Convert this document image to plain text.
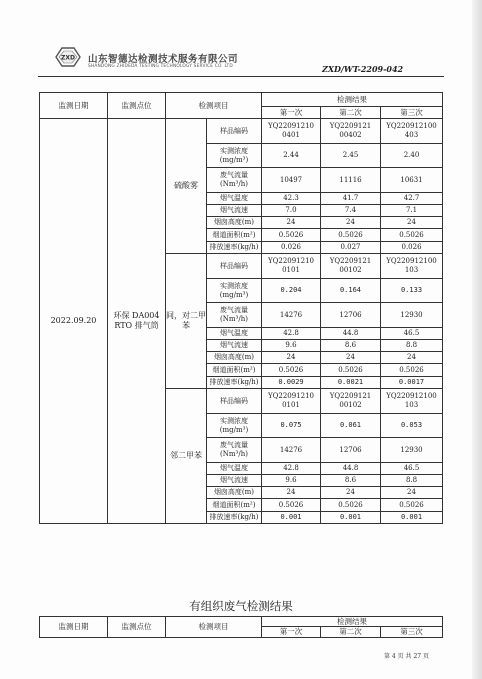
ZXD 山东智德达检测技术服务有限公司
SHANDONG ZHIDEDA TESTING TECHNOLOGY SERVICE CO. LTD	ZXD/WT-2209-042
监测日期	监测点位	检测项目		检测结果		
				第一次	第二次	第三次
2022.09.20	环保 DA004 RTO 排气筒	硫酸雾	样品编码	YQ22091210 0401	YQ2209121 00402	YQ220912100 403
			实测浓度 (mg/m³)	2.44	2.45	2.40
			废气流量 (Nm³/h)	10497	11116	10631
			烟气温度	42.3	41.7	42.7
			烟气流速	7.0	7.4	7.1
			烟囱高度(m)	24	24	24
			烟道面积(m²)	0.5026	0.5026	0.5026
			排放速率(kg/h)	0.026	0.027	0.026
		间，对二甲苯	样品编码	YQ22091210 0101	YQ2209121 00102	YQ220912100 103
			实测浓度 (mg/m³)	0.204	0.164	0.133
			废气流量 (Nm³/h)	14276	12706	12930
			烟气温度	42.8	44.8	46.5
			烟气流速	9.6	8.6	8.8
			烟囱高度(m)	24	24	24
			烟道面积(m²)	0.5026	0.5026	0.5026
			排放速率(kg/h)	0.0029	0.0021	0.0017
		邻二甲苯	样品编码	YQ22091210 0101	YQ2209121 00102	YQ220912100 103
			实测浓度 (mg/m³)	0.075	0.061	0.053
			废气流量 (Nm³/h)	14276	12706	12930
			烟气温度	42.8	44.8	46.5
			烟气流速	9.6	8.6	8.8
			烟囱高度(m)	24	24	24
			烟道面积(m²)	0.5026	0.5026	0.5026
			排放速率(kg/h)	0.001	0.001	0.001
有组织废气检测结果
监测日期	监测点位	检测项目	检测结果		
			第一次	第二次	第三次
第 4 页 共 27 页
